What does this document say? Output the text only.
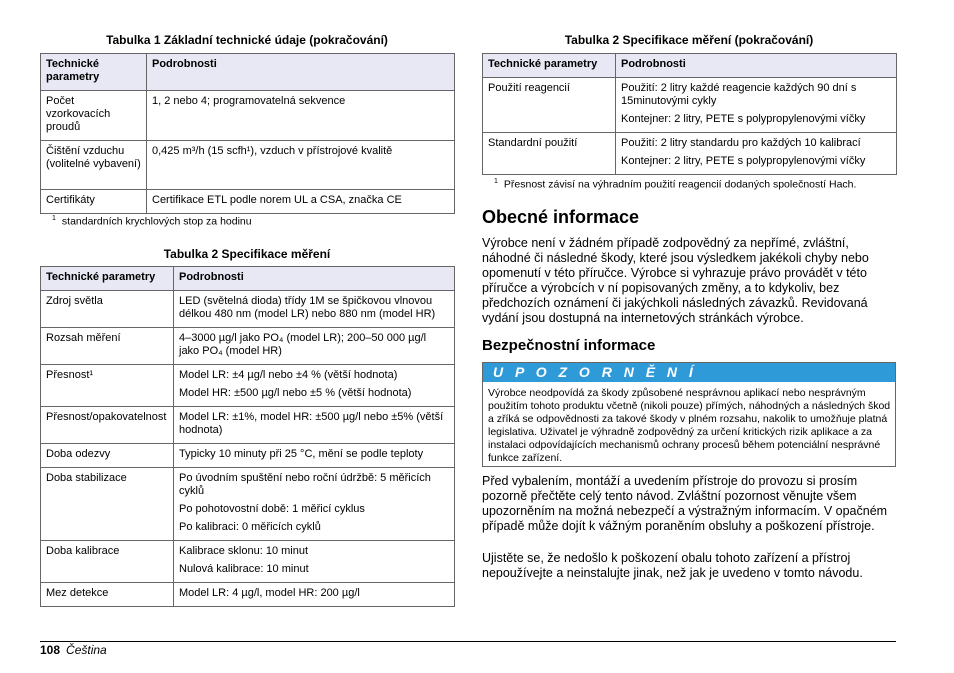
Tabulka 1 Základní technické údaje (pokračování)
Technické parametry	Podrobnosti
Počet vzorkovacích proudů	1, 2 nebo 4; programovatelná sekvence
Čištění vzduchu (volitelné vybavení)	0,425 m³/h (15 scfh¹), vzduch v přístrojové kvalitě
Certifikáty	Certifikace ETL podle norem UL a CSA, značka CE
$^1$ standardních krychlových stop za hodinu
Tabulka 2 Specifikace měření
Technické parametry	Podrobnosti
Zdroj světla	LED (světelná dioda) třídy 1M se špičkovou vlnovou délkou 480 nm (model LR) nebo 880 nm (model HR)

Rozsah měření	4–3000 µg/l jako PO₄ (model LR); 200–50 000 µg/l jako PO₄ (model HR)

Přesnost¹	Model LR: ±4 µg/l nebo ±4 % (větší hodnota)

Model HR: ±500 µg/l nebo ±5 % (větší hodnota)

Přesnost/opakovatelnost	Model LR: ±1%, model HR: ±500 µg/l nebo ±5% (větší hodnota)

Doba odezvy	Typicky 10 minuty při 25 °C, mění se podle teploty

Doba stabilizace	Po úvodním spuštění nebo roční údržbě: 5 měřicích cyklů

Po pohotovostní době: 1 měřicí cyklus

Po kalibraci: 0 měřicích cyklů

Doba kalibrace	Kalibrace sklonu: 10 minut

Nulová kalibrace: 10 minut

Mez detekce	Model LR: 4 µg/l, model HR: 200 µg/l

Tabulka 2 Specifikace měření (pokračování)
Technické parametry	Podrobnosti
Použití reagencií	Použití: 2 litry každé reagencie každých 90 dní s 15minutovými cykly

Kontejner: 2 litry, PETE s polypropylenovými víčky

Standardní použití	Použití: 2 litry standardu pro každých 10 kalibrací

Kontejner: 2 litry, PETE s polypropylenovými víčky

$^1$ Přesnost závisí na výhradním použití reagencií dodaných společností Hach.
Obecné informace

Výrobce není v žádném případě zodpovědný za nepřímé, zvláštní, náhodné či následné škody, které jsou výsledkem jakékoli chyby nebo opomenutí v této příručce. Výrobce si vyhrazuje právo provádět v této příručce a výrobcích v ní popisovaných změny, a to kdykoliv, bez předchozích oznámení či jakýchkoli následných závazků. Revidovaná vydání jsou dostupná na internetových stránkách výrobce.

Bezpečnostní informace
U P O Z O R N Ě N Í
Výrobce neodpovídá za škody způsobené nesprávnou aplikací nebo nesprávným použitím tohoto produktu včetně (nikoli pouze) přímých, náhodných a následných škod a zříká se odpovědnosti za takové škody v plném rozsahu, nakolik to umožňuje platná legislativa. Uživatel je výhradně zodpovědný za určení kritických rizik aplikace a za instalaci odpovídajících mechanismů ochrany procesů během potenciální nesprávné funkce zařízení.

Před vybalením, montáží a uvedením přístroje do provozu si prosím pozorně přečtěte celý tento návod. Zvláštní pozornost věnujte všem upozorněním na možná nebezpečí a výstražným informacím. V opačném případě může dojít k vážným poraněním obsluhy a poškození přístroje.

Ujistěte se, že nedošlo k poškození obalu tohoto zařízení a přístroj nepoužívejte a neinstalujte jinak, než jak je uvedeno v tomto návodu.

108 Čeština
